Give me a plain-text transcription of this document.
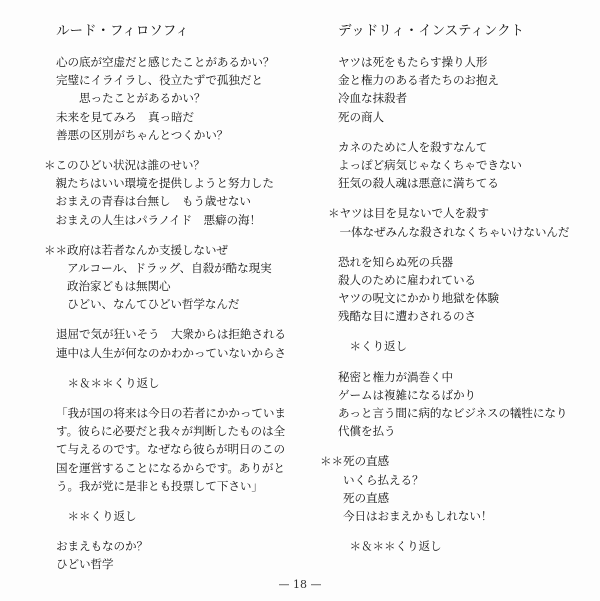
ルード・フィロソフィ
心の底が空虚だと感じたことがあるかい？
完璧にイライラし、役立たずで孤独だと
　　思ったことがあるかい？
未来を見てみろ　真っ暗だ
善悪の区別がちゃんとつくかい？
＊このひどい状況は誰のせい？
　親たちはいい環境を提供しようと努力した
　おまえの青春は台無し　もう歳せない
　おまえの人生はパラノイド　悪癖の海！
＊＊政府は若者なんか支援しないぜ
　　アルコール、ドラッグ、自殺が酷な現実
　　政治家どもは無関心
　　ひどい、なんてひどい哲学なんだ
退屈で気が狂いそう　大衆からは拒絶される
連中は人生が何なのかわかっていないからさ
　＊＆＊＊くり返し
「我が国の将来は今日の若者にかかっていま
す。彼らに必要だと我々が判断したものは全
て与えるのです。なぜなら彼らが明日のこの
国を運営することになるからです。ありがと
う。我が党に是非とも投票して下さい」
　＊＊くり返し
おまえもなのか？
ひどい哲学
デッドリィ・インスティンクト
ヤツは死をもたらす操り人形
金と権力のある者たちのお抱え
冷血な抹殺者
死の商人
カネのために人を殺すなんて
よっぽど病気じゃなくちゃできない
狂気の殺人魂は悪意に満ちてる
＊ヤツは目を見ないで人を殺す
　一体なぜみんな殺されなくちゃいけないんだ
恐れを知らぬ死の兵器
殺人のために雇われている
ヤツの呪文にかかり地獄を体験
残酷な目に遭わされるのさ
　＊くり返し
秘密と権力が渦巻く中
ゲームは複雑になるばかり
あっと言う間に病的なビジネスの犠牲になり
代償を払う
＊＊死の直感
　　いくら払える？
　　死の直感
　　今日はおまえかもしれない！
　＊＆＊＊くり返し
— 18 —
